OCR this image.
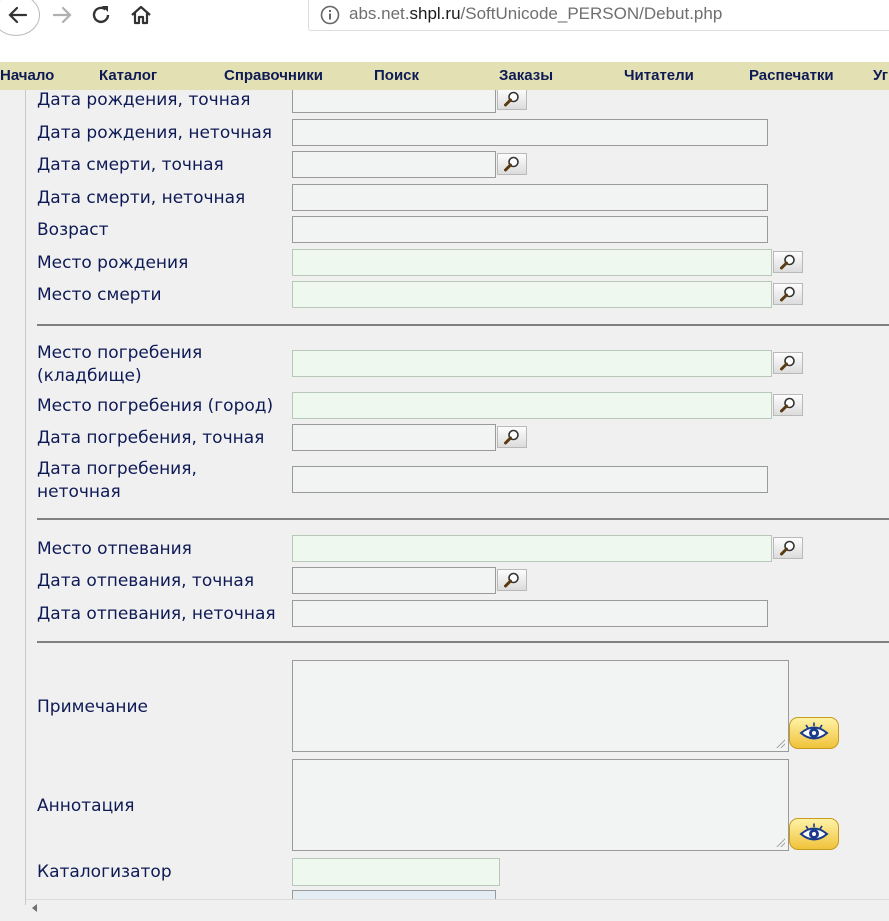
abs.net.shpl.ru/SoftUnicode_PERSON/Debut.php
Начало	Каталог	Справочники	Поиск	Заказы	Читатели	Распечатки	Уг
Дата рождения, точная
Дата рождения, неточная
Дата смерти, точная
Дата смерти, неточная
Возраст
Место рождения
Место смерти
Место погребения
(кладбище)
Место погребения (город)
Дата погребения, точная
Дата погребения,
неточная
Место отпевания
Дата отпевания, точная
Дата отпевания, неточная
Примечание
Аннотация
Каталогизатор
